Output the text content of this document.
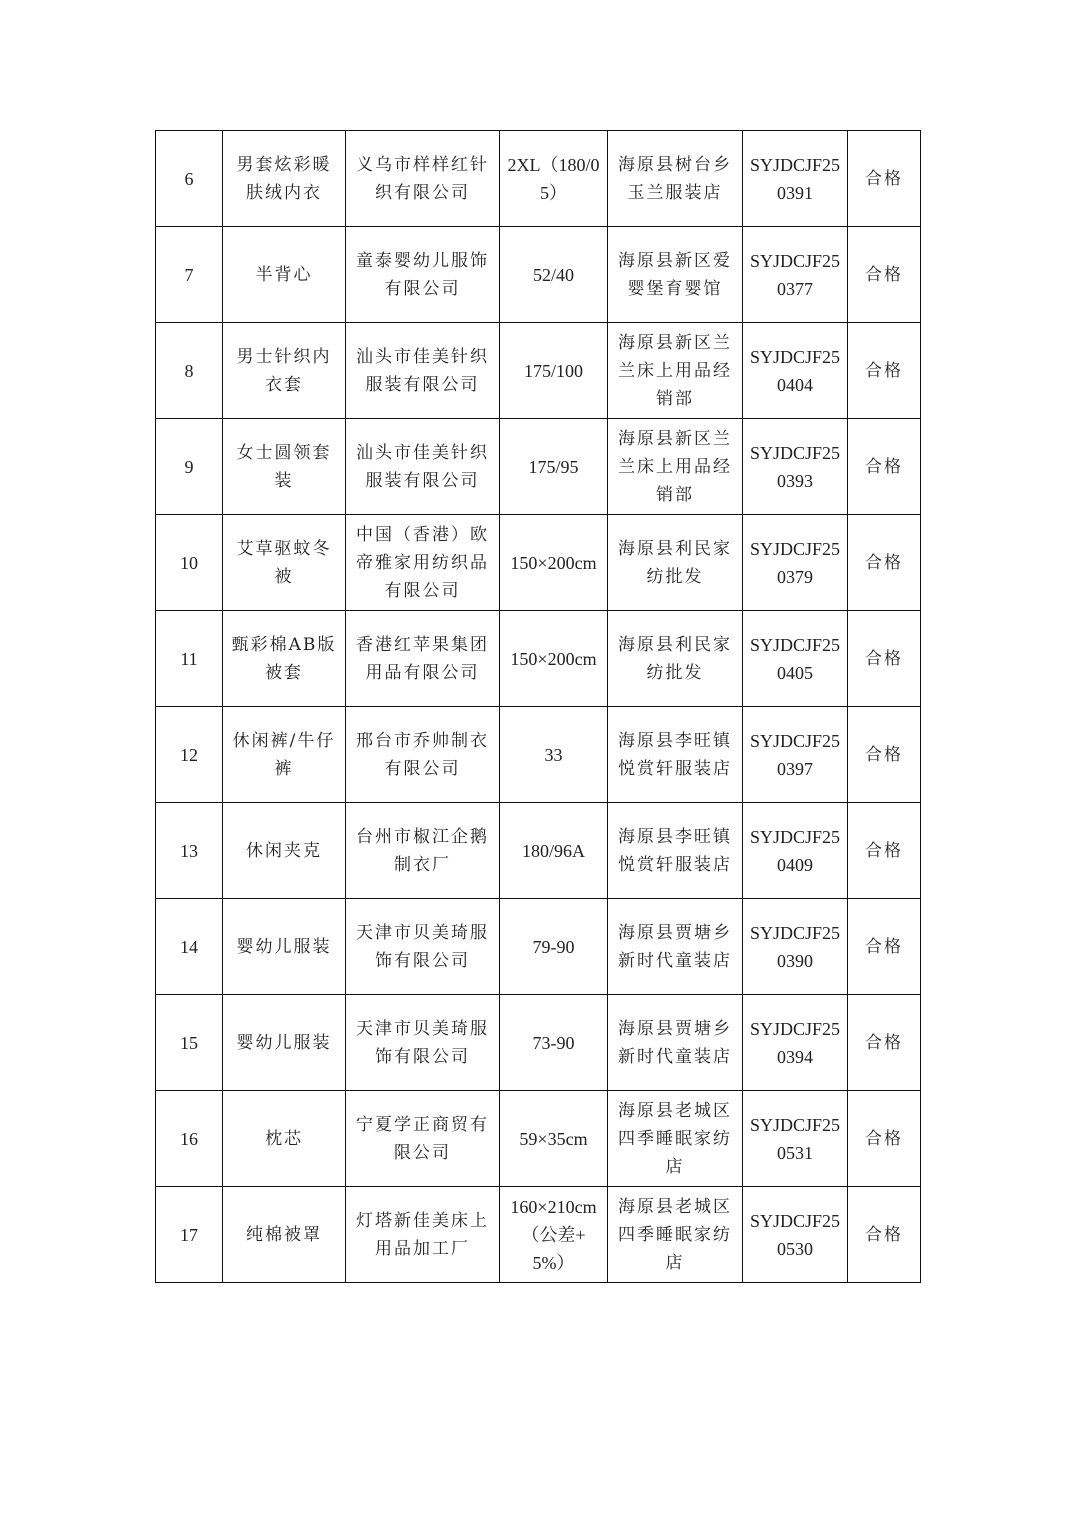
6	男套炫彩暖肤绒内衣	义乌市样样红针织有限公司	2XL（180/05）	海原县树台乡玉兰服装店	SYJDCJF250391	合格
7	半背心	童泰婴幼儿服饰有限公司	52/40	海原县新区爱婴堡育婴馆	SYJDCJF250377	合格
8	男士针织内衣套	汕头市佳美针织服装有限公司	175/100	海原县新区兰兰床上用品经销部	SYJDCJF250404	合格
9	女士圆领套装	汕头市佳美针织服装有限公司	175/95	海原县新区兰兰床上用品经销部	SYJDCJF250393	合格
10	艾草驱蚊冬被	中国（香港）欧帝雅家用纺织品有限公司	150×200cm	海原县利民家纺批发	SYJDCJF250379	合格
11	甄彩棉AB版被套	香港红苹果集团用品有限公司	150×200cm	海原县利民家纺批发	SYJDCJF250405	合格
12	休闲裤/牛仔裤	邢台市乔帅制衣有限公司	33	海原县李旺镇悦赏轩服装店	SYJDCJF250397	合格
13	休闲夹克	台州市椒江企鹅制衣厂	180/96A	海原县李旺镇悦赏轩服装店	SYJDCJF250409	合格
14	婴幼儿服装	天津市贝美琦服饰有限公司	79-90	海原县贾塘乡新时代童装店	SYJDCJF250390	合格
15	婴幼儿服装	天津市贝美琦服饰有限公司	73-90	海原县贾塘乡新时代童装店	SYJDCJF250394	合格
16	枕芯	宁夏学正商贸有限公司	59×35cm	海原县老城区四季睡眠家纺店	SYJDCJF250531	合格
17	纯棉被罩	灯塔新佳美床上用品加工厂	160×210cm（公差+5%）	海原县老城区四季睡眠家纺店	SYJDCJF250530	合格
